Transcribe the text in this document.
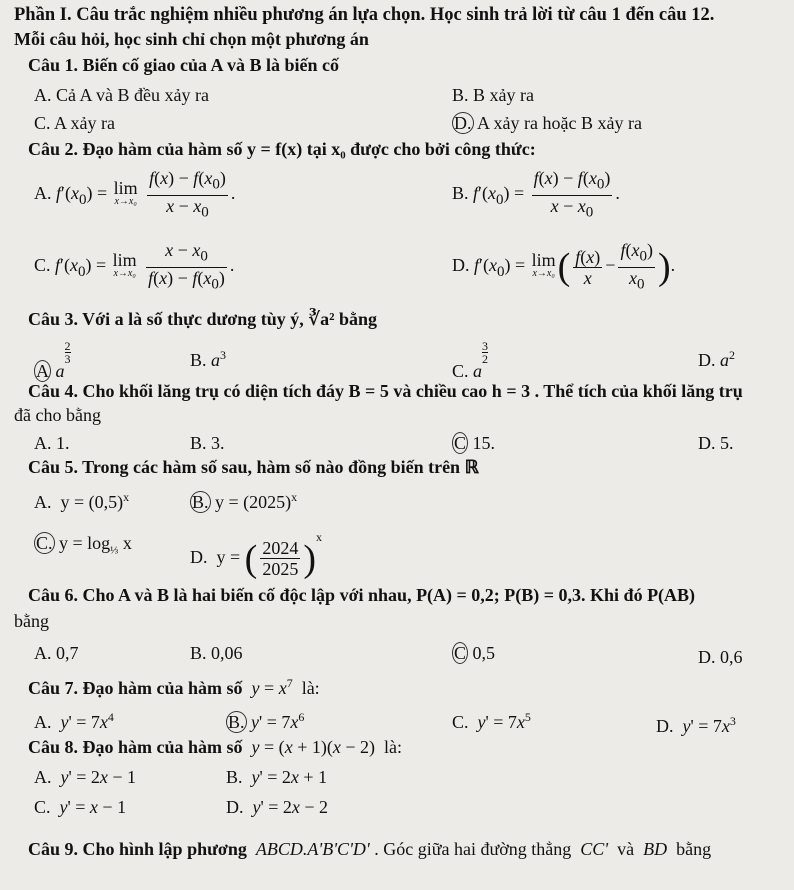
Phần I. Câu trắc nghiệm nhiều phương án lựa chọn. Học sinh trả lời từ câu 1 đến câu 12.
Mỗi câu hỏi, học sinh chỉ chọn một phương án
Câu 1. Biến cố giao của A và B là biến cố
A. Cả A và B đều xảy ra	B. B xảy ra
C. A xảy ra	D. A xảy ra hoặc B xảy ra
Câu 2. Đạo hàm của hàm số y = f(x) tại x₀ được cho bởi công thức:
A. $f'(x_0) = \lim$
x→x₀
$\frac{f(x) - f(x_0)}{x - x_0}$ .	B. $f'(x_0) = \frac{f(x) - f(x_0)}{x - x_0}$ .
C. $f'(x_0) = \lim$
x→x₀
$\frac{x - x_0}{f(x) - f(x_0)}$ .	D. $f'(x_0) = \lim$
x→x₀ ( $\frac{f(x)}{x} - \frac{f(x_0)}{x_0}$ ).
Câu 3. Với a là số thực dương tùy ý, ∛a² bằng
A a
$\frac{2}{3}$	B. $a^3$
C. a
$\frac{3}{2}$	D. $a^2$
Câu 4. Cho khối lăng trụ có diện tích đáy B = 5 và chiều cao h = 3 . Thể tích của khối lăng trụ
đã cho bằng
A. 1.	B. 3.	C 15.	D. 5.
Câu 5. Trong các hàm số sau, hàm số nào đồng biến trên ℝ
A.  $y = (0,5)^x$	B. $y = (2025)^x$
C. $y = \log_{\frac{1}{3}} x$
D.  y = ( $\frac{2024}{2025} )^x$
Câu 6. Cho A và B là hai biến cố độc lập với nhau, P(A) = 0,2; P(B) = 0,3. Khi đó P(AB)
bằng
A. 0,7	B. 0,06	C 0,5	D. 0,6
Câu 7. Đạo hàm của hàm số $y = x^7$  là:
A.  $y' = 7x^4$	B. $y' = 7x^6$	C.  $y' = 7x^5$	D.  $y' = 7x^3$
Câu 8. Đạo hàm của hàm số y = (x + 1)(x − 2)  là:
A.  y' = 2x − 1	B.  y' = 2x + 1
C.  y' = x − 1	D.  y' = 2x − 2
Câu 9. Cho hình lập phương ABCD.A'B'C'D' . Góc giữa hai đường thẳng  CC'  và  BD  bằng
